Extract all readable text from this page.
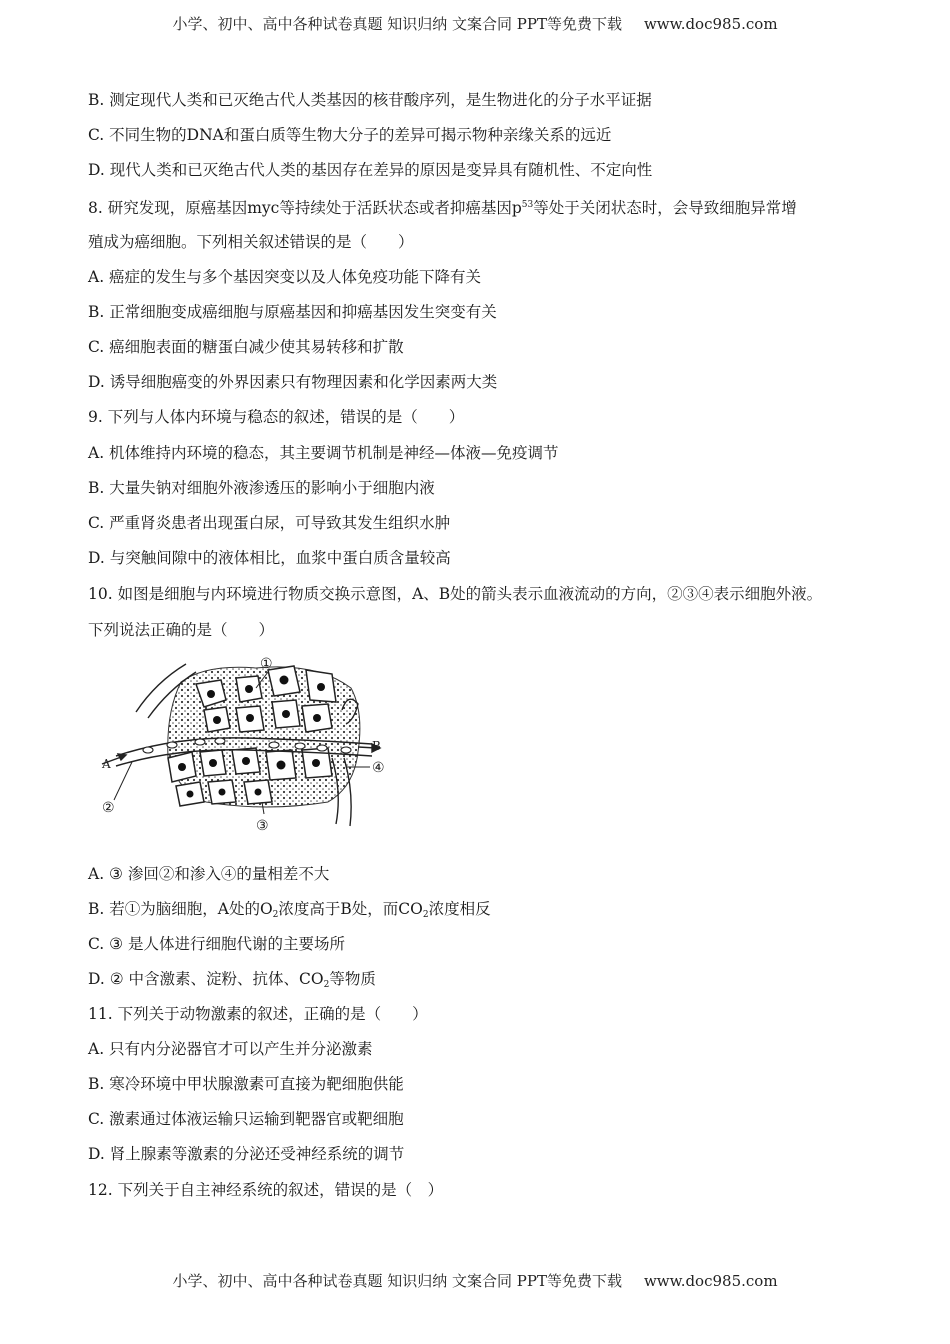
小学、初中、高中各种试卷真题 知识归纳 文案合同 PPT等免费下载 www.doc985.com
B. 测定现代人类和已灭绝古代人类基因的核苷酸序列，是生物进化的分子水平证据
C. 不同生物的DNA和蛋白质等生物大分子的差异可揭示物种亲缘关系的远近
D. 现代人类和已灭绝古代人类的基因存在差异的原因是变异具有随机性、不定向性
8. 研究发现，原癌基因myc等持续处于活跃状态或者抑癌基因$p^{53}$等处于关闭状态时，会导致细胞异常增
殖成为癌细胞。下列相关叙述错误的是（　　）
A. 癌症的发生与多个基因突变以及人体免疫功能下降有关
B. 正常细胞变成癌细胞与原癌基因和抑癌基因发生突变有关
C. 癌细胞表面的糖蛋白减少使其易转移和扩散
D. 诱导细胞癌变的外界因素只有物理因素和化学因素两大类
9. 下列与人体内环境与稳态的叙述，错误的是（　　）
A. 机体维持内环境的稳态，其主要调节机制是神经—体液—免疫调节
B. 大量失钠对细胞外液渗透压的影响小于细胞内液
C. 严重肾炎患者出现蛋白尿，可导致其发生组织水肿
D. 与突触间隙中的液体相比，血浆中蛋白质含量较高
10. 如图是细胞与内环境进行物质交换示意图，A、B处的箭头表示血液流动的方向，②③④表示细胞外液。
下列说法正确的是（　　）
①
②
③
④
A
B
A. ③ 渗回②和渗入④的量相差不大
B. 若①为脑细胞，A处的$O_2$浓度高于B处，而$CO_2$浓度相反
C. ③ 是人体进行细胞代谢的主要场所
D. ② 中含激素、淀粉、抗体、$CO_2$等物质
11. 下列关于动物激素的叙述，正确的是（　　）
A. 只有内分泌器官才可以产生并分泌激素
B. 寒冷环境中甲状腺激素可直接为靶细胞供能
C. 激素通过体液运输只运输到靶器官或靶细胞
D. 肾上腺素等激素的分泌还受神经系统的调节
12. 下列关于自主神经系统的叙述，错误的是（　）
小学、初中、高中各种试卷真题 知识归纳 文案合同 PPT等免费下载 www.doc985.com
